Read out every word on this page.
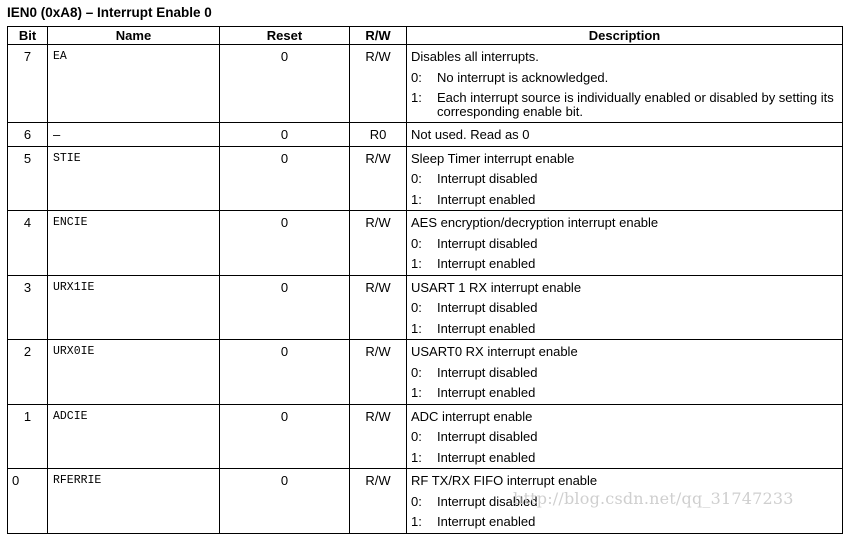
IEN0 (0xA8) – Interrupt Enable 0
Bit	Name	Reset	R/W	Description
7	EA	0	R/W	Disables all interrupts.
0: No interrupt is acknowledged.
1: Each interrupt source is individually enabled or disabled by setting its corresponding enable bit.

6	–	0	R0	Not used. Read as 0

5	STIE	0	R/W	Sleep Timer interrupt enable
0: Interrupt disabled
1: Interrupt enabled

4	ENCIE	0	R/W	AES encryption/decryption interrupt enable
0: Interrupt disabled
1: Interrupt enabled

3	URX1IE	0	R/W	USART 1 RX interrupt enable
0: Interrupt disabled
1: Interrupt enabled

2	URX0IE	0	R/W	USART0 RX interrupt enable
0: Interrupt disabled
1: Interrupt enabled

1	ADCIE	0	R/W	ADC interrupt enable
0: Interrupt disabled
1: Interrupt enabled

0	RFERRIE	0	R/W	RF TX/RX FIFO interrupt enable
0: Interrupt disabled
1: Interrupt enabled
http://blog.csdn.net/qq_31747233
